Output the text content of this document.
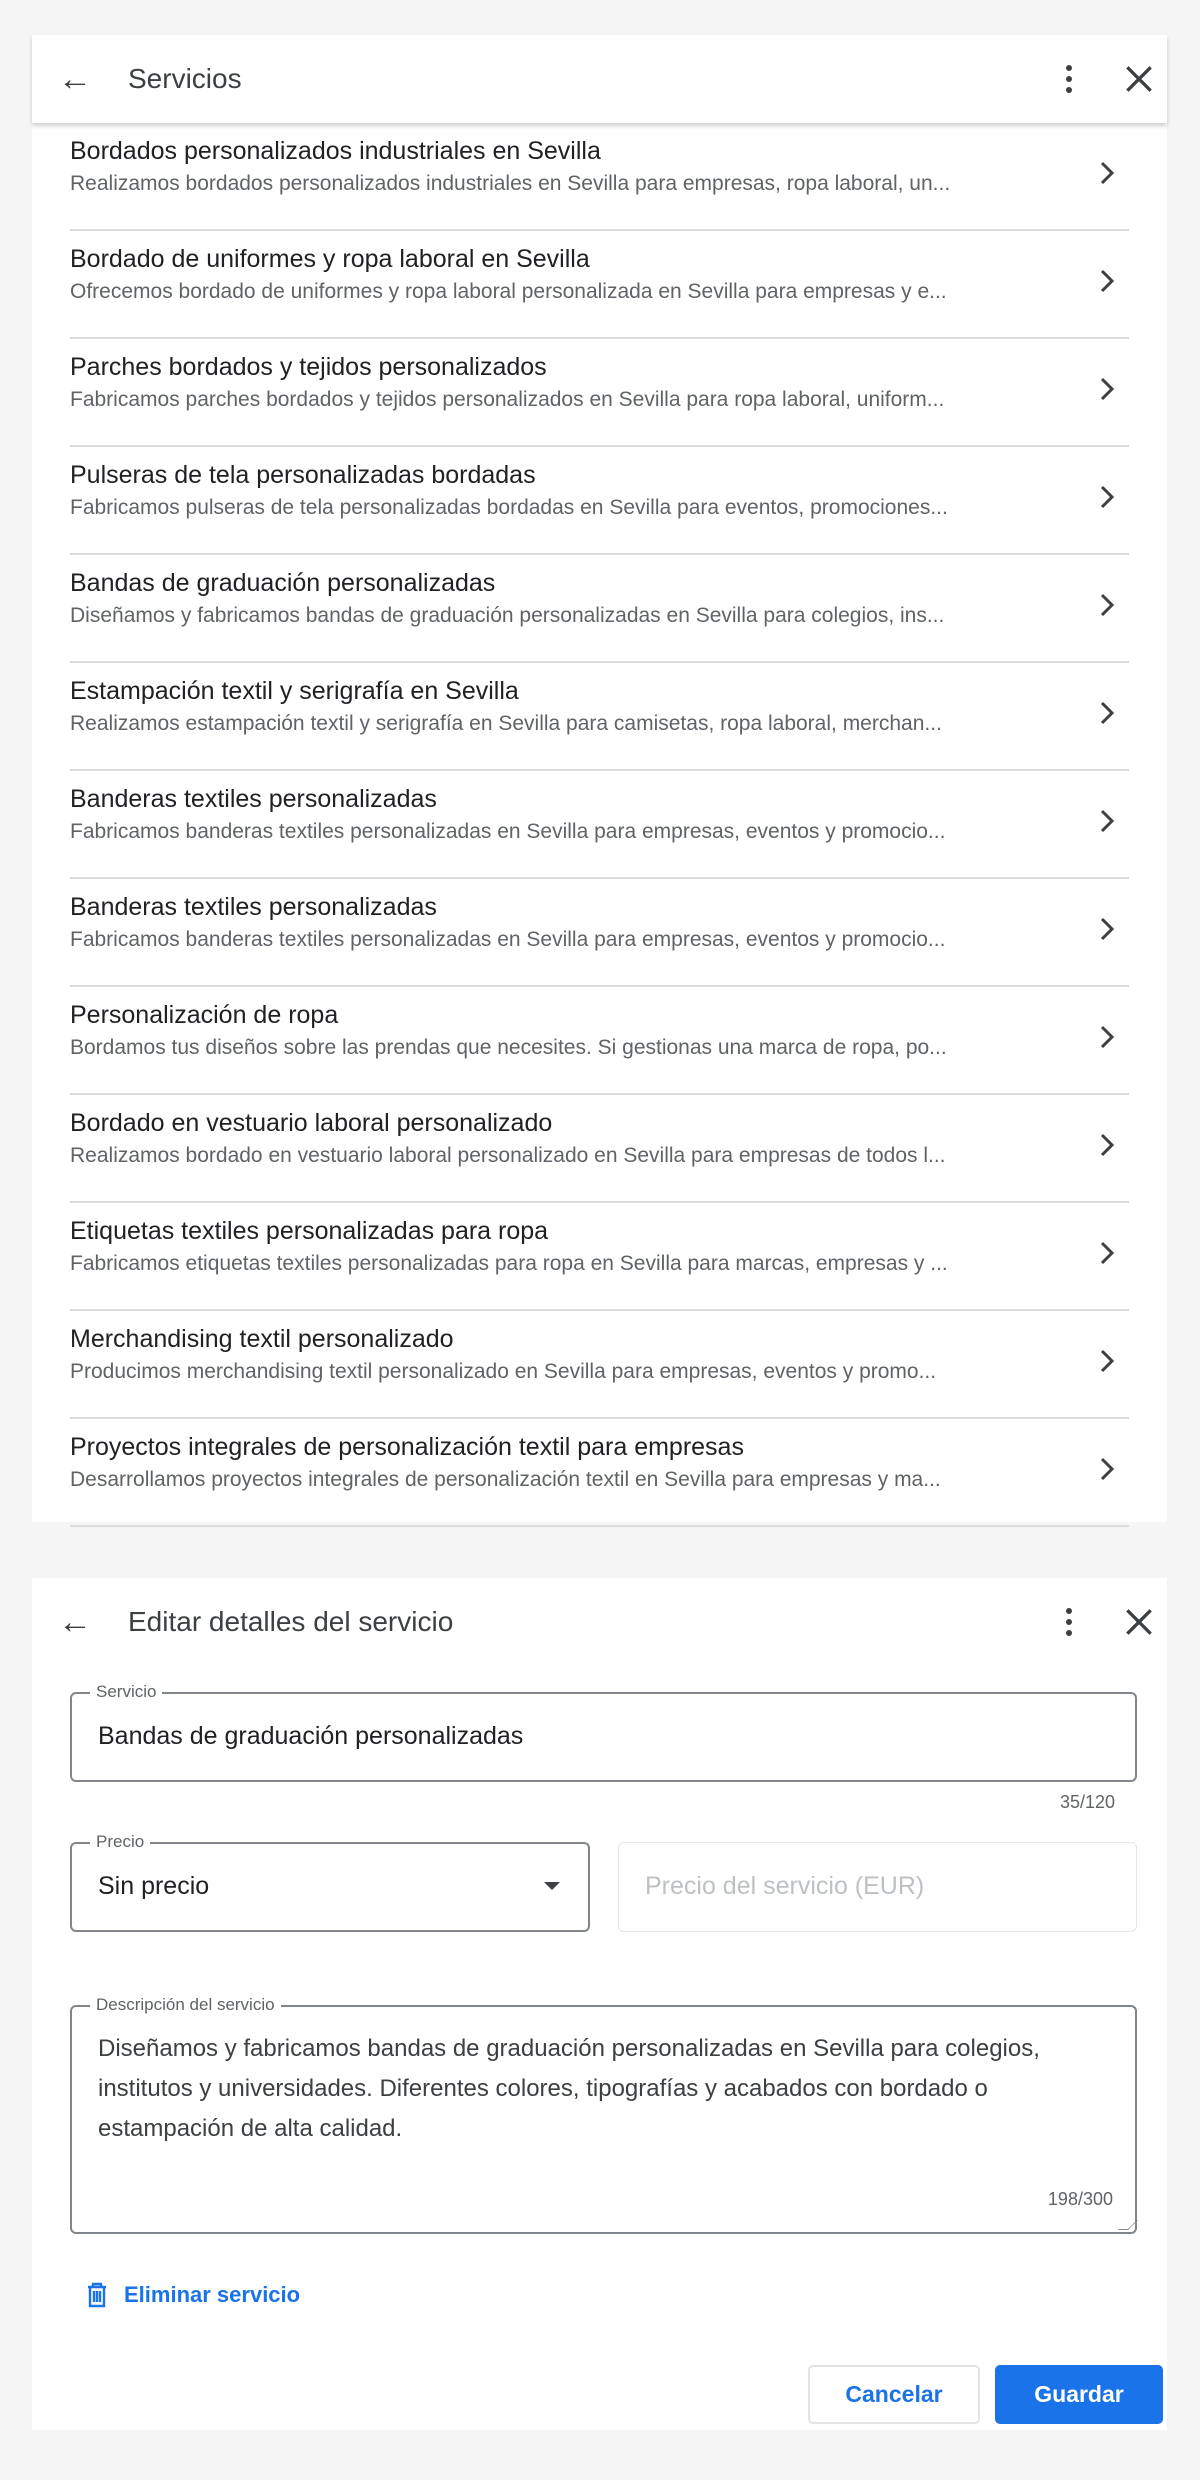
← Servicios
Bordados personalizados industriales en Sevilla
Realizamos bordados personalizados industriales en Sevilla para empresas, ropa laboral, un...
Bordado de uniformes y ropa laboral en Sevilla
Ofrecemos bordado de uniformes y ropa laboral personalizada en Sevilla para empresas y e...
Parches bordados y tejidos personalizados
Fabricamos parches bordados y tejidos personalizados en Sevilla para ropa laboral, uniform...
Pulseras de tela personalizadas bordadas
Fabricamos pulseras de tela personalizadas bordadas en Sevilla para eventos, promociones...
Bandas de graduación personalizadas
Diseñamos y fabricamos bandas de graduación personalizadas en Sevilla para colegios, ins...
Estampación textil y serigrafía en Sevilla
Realizamos estampación textil y serigrafía en Sevilla para camisetas, ropa laboral, merchan...
Banderas textiles personalizadas
Fabricamos banderas textiles personalizadas en Sevilla para empresas, eventos y promocio...
Banderas textiles personalizadas
Fabricamos banderas textiles personalizadas en Sevilla para empresas, eventos y promocio...
Personalización de ropa
Bordamos tus diseños sobre las prendas que necesites. Si gestionas una marca de ropa, po...
Bordado en vestuario laboral personalizado
Realizamos bordado en vestuario laboral personalizado en Sevilla para empresas de todos l...
Etiquetas textiles personalizadas para ropa
Fabricamos etiquetas textiles personalizadas para ropa en Sevilla para marcas, empresas y ...
Merchandising textil personalizado
Producimos merchandising textil personalizado en Sevilla para empresas, eventos y promo...
Proyectos integrales de personalización textil para empresas
Desarrollamos proyectos integrales de personalización textil en Sevilla para empresas y ma...
← Editar detalles del servicio
Servicio
Bandas de graduación personalizadas
35/120
Precio
Sin precio	Precio del servicio (EUR)
Descripción del servicio
Diseñamos y fabricamos bandas de graduación personalizadas en Sevilla para colegios, institutos y universidades. Diferentes colores, tipografías y acabados con bordado o estampación de alta calidad.
198/300
Eliminar servicio
Cancelar	Guardar
